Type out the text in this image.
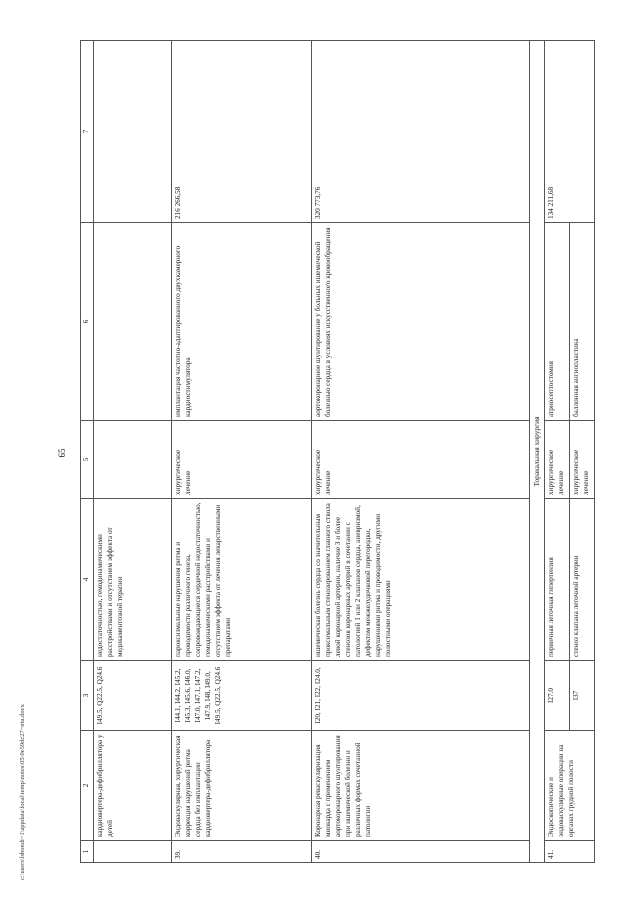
65
c:\users\lsbondi~1\appdata\local\temp\notes\05\0e59dc27~ntu.docx	1	2	3	4	5	6	7
	кардиовертера-дефибриллятора у детей	I49.5, Q22.5, Q24.6	недостаточностью, гемодинамическими расстройствами и отсутствием эффекта от медикаментозной терапии			
39.	Эндоваскулярная, хирургическая коррекция нарушений ритма сердца без имплантации кардиовертера-дефибриллятора	I44.1, I44.2, I45.2, I45.3, I45.6, I46.0, I47.0, I47.1, I47.2, I47.9, I48, I49.0, I49.5, Q22.5, Q24.6	пароксизмальные нарушения ритма и проводимости различного генеза, сопровождающиеся сердечной недостаточностью, гемодинамическими расстройствами и отсутствием эффекта от лечения лекарственными препаратами	хирургическое лечение	имплантация частотно-адаптированного двухкамерного кардиостимулятора	216 266,58
40.	Коронарная реваскуляризация миокарда с применением аортокоронарного шунтирования при ишемической болезни и различных формах сочетанной патологии	I20, I21, I22, I24.0,	ишемическая болезнь сердца со значительным проксимальным стенозированием главного ствола левой коронарной артерии, наличие 3 и более стенозов коронарных артерий в сочетании с патологией 1 или 2 клапанов сердца, аневризмой, дефектом межжелудочковой перегородки, нарушениями ритма и проводимости, другими полостными операциями	хирургическое лечение	аортокоронарное шунтирование у больных ишемической болезнью сердца в условиях искусственного кровообращения	320 773,76
Торакальная хирургия						
41.	Эндоскопические и эндоваскулярные операции на органах грудной полости	I27.0	первичная легочная гипертензия	хирургическое лечение	атриосептостомия	134 211,68
		I37	стеноз клапана легочной артерии	хирургическое лечение	баллонная ангиопластика	
